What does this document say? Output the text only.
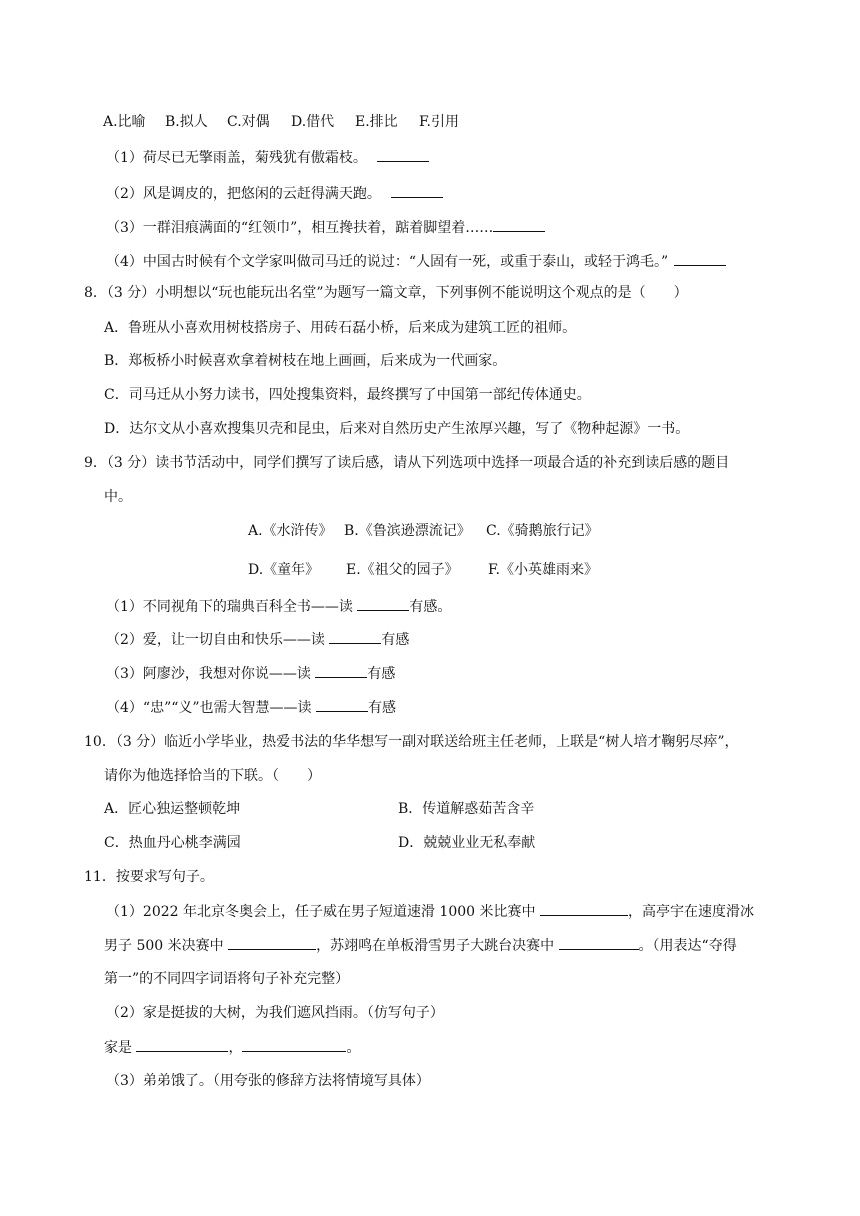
A.比喻 B.拟人 C.对偶 D.借代 E.排比 F.引用
（1）荷尽已无擎雨盖，菊残犹有傲霜枝。
（2）风是调皮的，把悠闲的云赶得满天跑。
（3）一群泪痕满面的“红领巾”，相互搀扶着，踮着脚望着……
（4）中国古时候有个文学家叫做司马迁的说过：“人固有一死，或重于泰山，或轻于鸿毛。”
8．（3 分）小明想以“玩也能玩出名堂”为题写一篇文章，下列事例不能说明这个观点的是（　　）
A．鲁班从小喜欢用树枝搭房子、用砖石磊小桥，后来成为建筑工匠的祖师。
B．郑板桥小时候喜欢拿着树枝在地上画画，后来成为一代画家。
C．司马迁从小努力读书，四处搜集资料，最终撰写了中国第一部纪传体通史。
D．达尔文从小喜欢搜集贝壳和昆虫，后来对自然历史产生浓厚兴趣，写了《物种起源》一书。
9．（3 分）读书节活动中，同学们撰写了读后感，请从下列选项中选择一项最合适的补充到读后感的题目
中。
A.《水浒传》 B.《鲁滨逊漂流记》 C.《骑鹅旅行记》
D.《童年》 E.《祖父的园子》 F.《小英雄雨来》
（1）不同视角下的瑞典百科全书——读	有感。
（2）爱，让一切自由和快乐——读	有感
（3）阿廖沙，我想对你说——读	有感
（4）“忠”“义”也需大智慧——读	有感
10．（3 分）临近小学毕业，热爱书法的华华想写一副对联送给班主任老师，上联是“树人培才鞠躬尽瘁”，
请你为他选择恰当的下联。（　　）
A．匠心独运整顿乾坤	B．传道解惑茹苦含辛
C．热血丹心桃李满园	D．兢兢业业无私奉献
11．按要求写句子。
（1）2022 年北京冬奥会上，任子威在男子短道速滑 1000 米比赛中	，高亭宇在速度滑冰
男子 500 米决赛中	，苏翊鸣在单板滑雪男子大跳台决赛中	。（用表达“夺得
第一”的不同四字词语将句子补充完整）
（2）家是挺拔的大树，为我们遮风挡雨。（仿写句子）
家是	，	。
（3）弟弟饿了。（用夸张的修辞方法将情境写具体）
